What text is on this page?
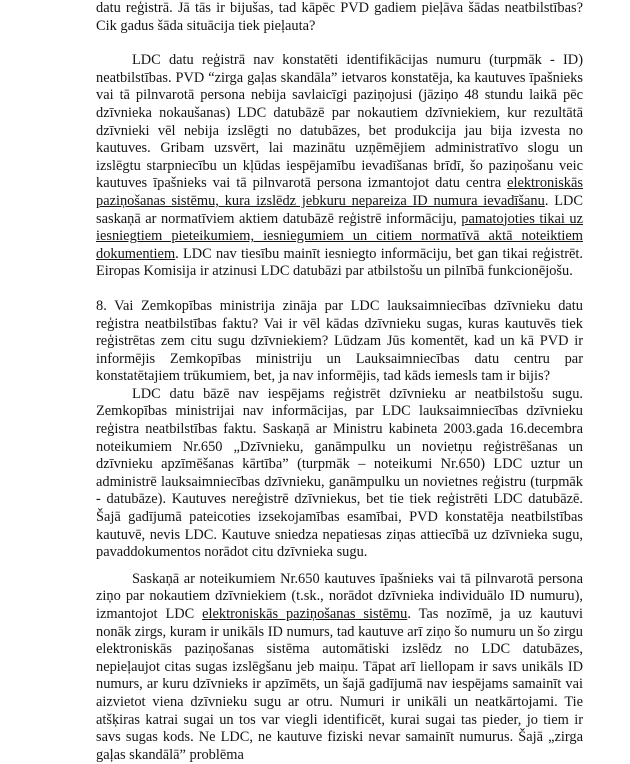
datu reģistrā. Jā tās ir bijušas, tad kāpēc PVD gadiem pieļāva šādas neatbilstības? Cik gadus šāda situācija tiek pieļauta?

LDC datu reģistrā nav konstatēti identifikācijas numuru (turpmāk - ID) neatbilstības. PVD “zirga gaļas skandāla” ietvaros konstatēja, ka kautuves īpašnieks vai tā pilnvarotā persona nebija savlaicīgi paziņojusi (jāziņo 48 stundu laikā pēc dzīvnieka nokaušanas) LDC datubāzē par nokautiem dzīvniekiem, kur rezultātā dzīvnieki vēl nebija izslēgti no datubāzes, bet produkcija jau bija izvesta no kautuves. Gribam uzsvērt, lai mazinātu uzņēmējiem administratīvo slogu un izslēgtu starpniecību un kļūdas iespējamību ievadīšanas brīdī, šo paziņošanu veic kautuves īpašnieks vai tā pilnvarotā persona izmantojot datu centra elektroniskās paziņošanas sistēmu, kura izslēdz jebkuru nepareiza ID numura ievadīšanu. LDC saskaņā ar normatīviem aktiem datubāzē reģistrē informāciju, pamatojoties tikai uz iesniegtiem pieteikumiem, iesniegumiem un citiem normatīvā aktā noteiktiem dokumentiem. LDC nav tiesību mainīt iesniegto informāciju, bet gan tikai reģistrēt. Eiropas Komisija ir atzinusi LDC datubāzi par atbilstošu un pilnībā funkcionējošu.

8. Vai Zemkopības ministrija zināja par LDC lauksaimniecības dzīvnieku datu reģistra neatbilstības faktu? Vai ir vēl kādas dzīvnieku sugas, kuras kautuvēs tiek reģistrētas zem citu sugu dzīvniekiem? Lūdzam Jūs komentēt, kad un kā PVD ir informējis Zemkopības ministriju un Lauksaimniecības datu centru par konstatētajiem trūkumiem, bet, ja nav informējis, tad kāds iemesls tam ir bijis?

LDC datu bāzē nav iespējams reģistrēt dzīvnieku ar neatbilstošu sugu. Zemkopības ministrijai nav informācijas, par LDC lauksaimniecības dzīvnieku reģistra neatbilstības faktu. Saskaņā ar Ministru kabineta 2003.gada 16.decembra noteikumiem Nr.650 „Dzīvnieku, ganāmpulku un novietņu reģistrēšanas un dzīvnieku apzīmēšanas kārtība” (turpmāk – noteikumi Nr.650) LDC uztur un administrē lauksaimniecības dzīvnieku, ganāmpulku un novietnes reģistru (turpmāk - datubāze). Kautuves nereģistrē dzīvniekus, bet tie tiek reģistrēti LDC datubāzē. Šajā gadījumā pateicoties izsekojamības esamībai, PVD konstatēja neatbilstības kautuvē, nevis LDC. Kautuve sniedza nepatiesas ziņas attiecībā uz dzīvnieka sugu, pavaddokumentos norādot citu dzīvnieka sugu.

Saskaņā ar noteikumiem Nr.650 kautuves īpašnieks vai tā pilnvarotā persona ziņo par nokautiem dzīvniekiem (t.sk., norādot dzīvnieka individuālo ID numuru), izmantojot LDC elektroniskās paziņošanas sistēmu. Tas nozīmē, ja uz kautuvi nonāk zirgs, kuram ir unikāls ID numurs, tad kautuve arī ziņo šo numuru un šo zirgu elektroniskās paziņošanas sistēma automātiski izslēdz no LDC datubāzes, nepieļaujot citas sugas izslēgšanu jeb maiņu. Tāpat arī liellopam ir savs unikāls ID numurs, ar kuru dzīvnieks ir apzīmēts, un šajā gadījumā nav iespējams samainīt vai aizvietot viena dzīvnieku sugu ar otru. Numuri ir unikāli un neatkārtojami. Tie atšķiras katrai sugai un tos var viegli identificēt, kurai sugai tas pieder, jo tiem ir savs sugas kods. Ne LDC, ne kautuve fiziski nevar samainīt numurus. Šajā „zirga gaļas skandālā” problēma
